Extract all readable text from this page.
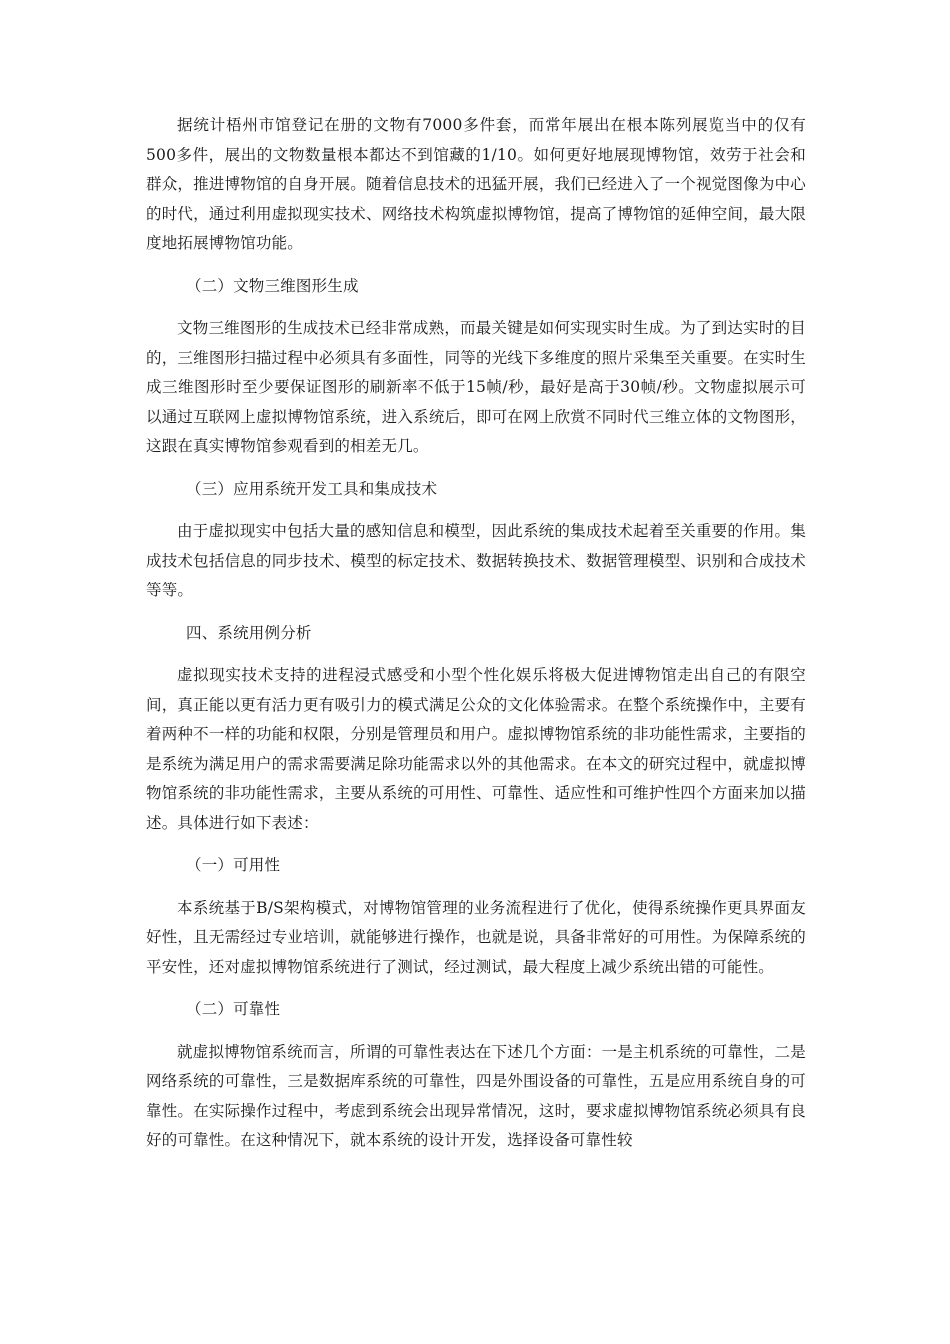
据统计梧州市馆登记在册的文物有7000多件套，而常年展出在根本陈列展览当中的仅有500多件，展出的文物数量根本都达不到馆藏的1/10。如何更好地展现博物馆，效劳于社会和群众，推进博物馆的自身开展。随着信息技术的迅猛开展，我们已经进入了一个视觉图像为中心的时代，通过利用虚拟现实技术、网络技术构筑虚拟博物馆，提高了博物馆的延伸空间，最大限度地拓展博物馆功能。

（二）文物三维图形生成

文物三维图形的生成技术已经非常成熟，而最关键是如何实现实时生成。为了到达实时的目的，三维图形扫描过程中必须具有多面性，同等的光线下多维度的照片采集至关重要。在实时生成三维图形时至少要保证图形的刷新率不低于15帧/秒，最好是高于30帧/秒。文物虚拟展示可以通过互联网上虚拟博物馆系统，进入系统后，即可在网上欣赏不同时代三维立体的文物图形，这跟在真实博物馆参观看到的相差无几。

（三）应用系统开发工具和集成技术

由于虚拟现实中包括大量的感知信息和模型，因此系统的集成技术起着至关重要的作用。集成技术包括信息的同步技术、模型的标定技术、数据转换技术、数据管理模型、识别和合成技术等等。

四、系统用例分析

虚拟现实技术支持的进程浸式感受和小型个性化娱乐将极大促进博物馆走出自己的有限空间，真正能以更有活力更有吸引力的模式满足公众的文化体验需求。在整个系统操作中，主要有着两种不一样的功能和权限，分别是管理员和用户。虚拟博物馆系统的非功能性需求，主要指的是系统为满足用户的需求需要满足除功能需求以外的其他需求。在本文的研究过程中，就虚拟博物馆系统的非功能性需求，主要从系统的可用性、可靠性、适应性和可维护性四个方面来加以描述。具体进行如下表述：

（一）可用性

本系统基于B/S架构模式，对博物馆管理的业务流程进行了优化，使得系统操作更具界面友好性，且无需经过专业培训，就能够进行操作，也就是说，具备非常好的可用性。为保障系统的平安性，还对虚拟博物馆系统进行了测试，经过测试，最大程度上减少系统出错的可能性。

（二）可靠性

就虚拟博物馆系统而言，所谓的可靠性表达在下述几个方面：一是主机系统的可靠性，二是网络系统的可靠性，三是数据库系统的可靠性，四是外围设备的可靠性，五是应用系统自身的可靠性。在实际操作过程中，考虑到系统会出现异常情况，这时，要求虚拟博物馆系统必须具有良好的可靠性。在这种情况下，就本系统的设计开发，选择设备可靠性较
